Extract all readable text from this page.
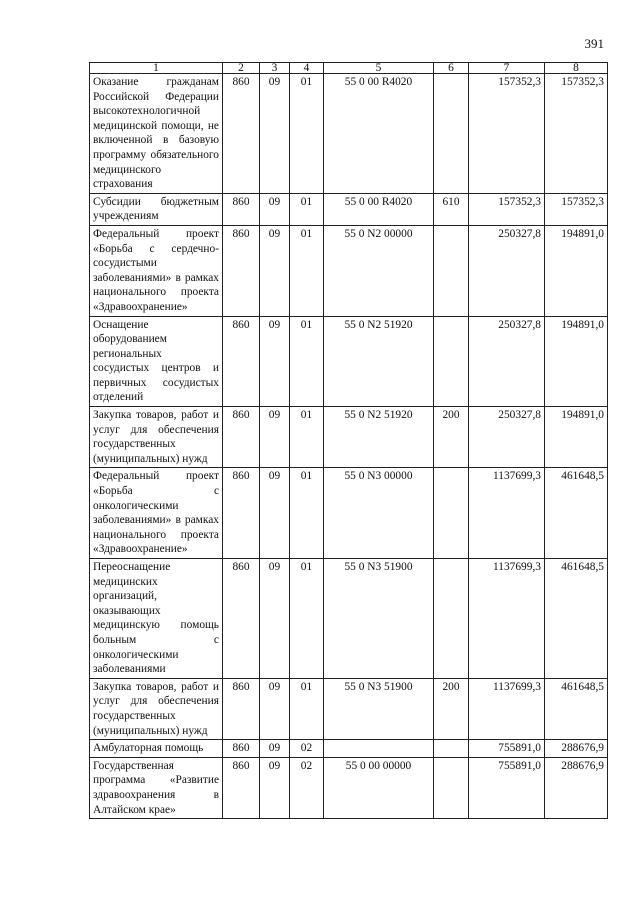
391
1	2	3	4	5	6	7	8
Оказание гражданам Российской Федерации высокотехнологичной медицинской помощи, не включенной в базовую программу обязательного медицинского страхования	860	09	01	55 0 00 R4020		157352,3	157352,3
Субсидии бюджетным учреждениям	860	09	01	55 0 00 R4020	610	157352,3	157352,3
Федеральный проект «Борьба с сердечно-сосудистыми заболеваниями» в рамках национального проекта «Здравоохранение»	860	09	01	55 0 N2 00000		250327,8	194891,0
Оснащение оборудованием региональных сосудистых центров и первичных сосудистых отделений	860	09	01	55 0 N2 51920		250327,8	194891,0
Закупка товаров, работ и услуг для обеспечения государственных (муниципальных) нужд	860	09	01	55 0 N2 51920	200	250327,8	194891,0
Федеральный проект «Борьба с онкологическими заболеваниями» в рамках национального проекта «Здравоохранение»	860	09	01	55 0 N3 00000		1137699,3	461648,5
Переоснащение медицинских организаций, оказывающих медицинскую помощь больным с онкологическими заболеваниями	860	09	01	55 0 N3 51900		1137699,3	461648,5
Закупка товаров, работ и услуг для обеспечения государственных (муниципальных) нужд	860	09	01	55 0 N3 51900	200	1137699,3	461648,5
Амбулаторная помощь	860	09	02			755891,0	288676,9
Государственная программа «Развитие здравоохранения в Алтайском крае»	860	09	02	55 0 00 00000		755891,0	288676,9
